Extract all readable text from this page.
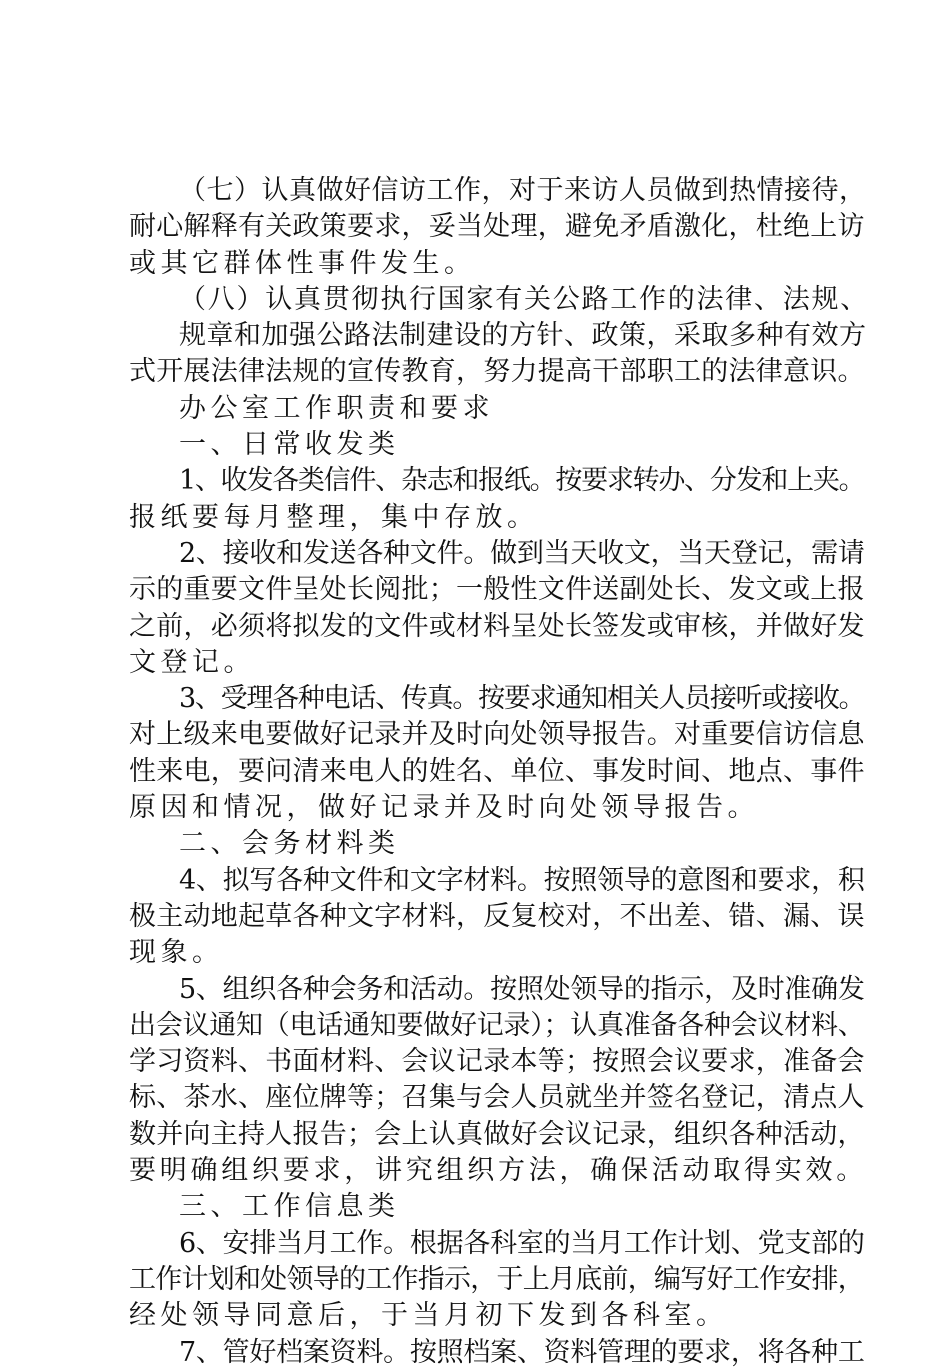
（七）认真做好信访工作，对于来访人员做到热情接待，

耐心解释有关政策要求，妥当处理，避免矛盾激化，杜绝上访

或其它群体性事件发生。

（八）认真贯彻执行国家有关公路工作的法律、法规、

规章和加强公路法制建设的方针、政策，采取多种有效方

式开展法律法规的宣传教育，努力提高干部职工的法律意识。

办公室工作职责和要求

一、日常收发类

1、收发各类信件、杂志和报纸。按要求转办、分发和上夹。

报纸要每月整理，集中存放。

2、接收和发送各种文件。做到当天收文，当天登记，需请

示的重要文件呈处长阅批；一般性文件送副处长、发文或上报

之前，必须将拟发的文件或材料呈处长签发或审核，并做好发

文登记。

3、受理各种电话、传真。按要求通知相关人员接听或接收。

对上级来电要做好记录并及时向处领导报告。对重要信访信息

性来电，要问清来电人的姓名、单位、事发时间、地点、事件

原因和情况，做好记录并及时向处领导报告。

二、会务材料类

4、拟写各种文件和文字材料。按照领导的意图和要求，积

极主动地起草各种文字材料，反复校对，不出差、错、漏、误

现象。

5、组织各种会务和活动。按照处领导的指示，及时准确发

出会议通知（电话通知要做好记录）；认真准备各种会议材料、

学习资料、书面材料、会议记录本等；按照会议要求，准备会

标、茶水、座位牌等；召集与会人员就坐并签名登记，清点人

数并向主持人报告；会上认真做好会议记录，组织各种活动，

要明确组织要求，讲究组织方法，确保活动取得实效。

三、工作信息类

6、安排当月工作。根据各科室的当月工作计划、党支部的

工作计划和处领导的工作指示，于上月底前，编写好工作安排，

经处领导同意后，于当月初下发到各科室。

7、管好档案资料。按照档案、资料管理的要求，将各种工
